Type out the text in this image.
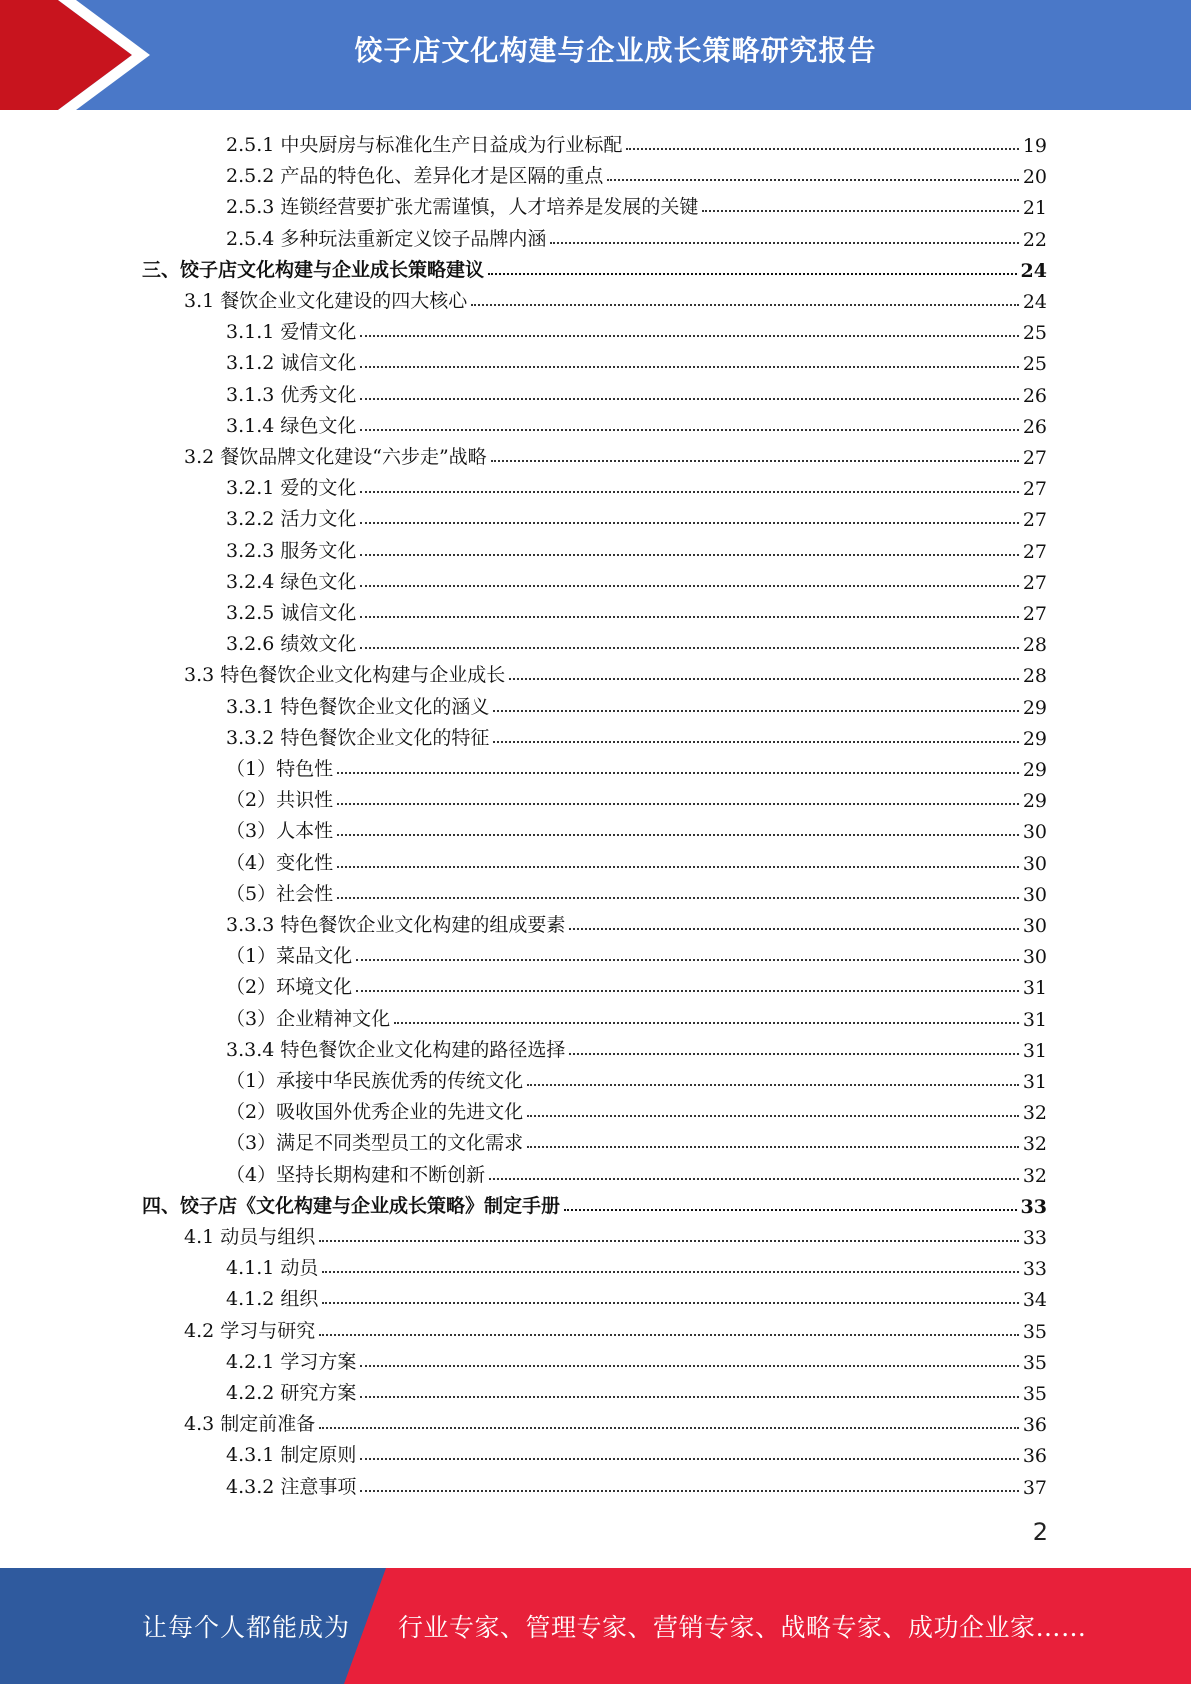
饺子店文化构建与企业成长策略研究报告
2.5.1 中央厨房与标准化生产日益成为行业标配	19
2.5.2 产品的特色化、差异化才是区隔的重点	20
2.5.3 连锁经营要扩张尤需谨慎，人才培养是发展的关键	21
2.5.4 多种玩法重新定义饺子品牌内涵	22
三、饺子店文化构建与企业成长策略建议	24
3.1 餐饮企业文化建设的四大核心	24
3.1.1 爱情文化	25
3.1.2 诚信文化	25
3.1.3 优秀文化	26
3.1.4 绿色文化	26
3.2 餐饮品牌文化建设“六步走”战略	27
3.2.1 爱的文化	27
3.2.2 活力文化	27
3.2.3 服务文化	27
3.2.4 绿色文化	27
3.2.5 诚信文化	27
3.2.6 绩效文化	28
3.3 特色餐饮企业文化构建与企业成长	28
3.3.1 特色餐饮企业文化的涵义	29
3.3.2 特色餐饮企业文化的特征	29
（1）特色性	29
（2）共识性	29
（3）人本性	30
（4）变化性	30
（5）社会性	30
3.3.3 特色餐饮企业文化构建的组成要素	30
（1）菜品文化	30
（2）环境文化	31
（3）企业精神文化	31
3.3.4 特色餐饮企业文化构建的路径选择	31
（1）承接中华民族优秀的传统文化	31
（2）吸收国外优秀企业的先进文化	32
（3）满足不同类型员工的文化需求	32
（4）坚持长期构建和不断创新	32
四、饺子店《文化构建与企业成长策略》制定手册	33
4.1 动员与组织	33
4.1.1 动员	33
4.1.2 组织	34
4.2 学习与研究	35
4.2.1 学习方案	35
4.2.2 研究方案	35
4.3 制定前准备	36
4.3.1 制定原则	36
4.3.2 注意事项	37
2
让每个人都能成为 行业专家、管理专家、营销专家、战略专家、成功企业家……
